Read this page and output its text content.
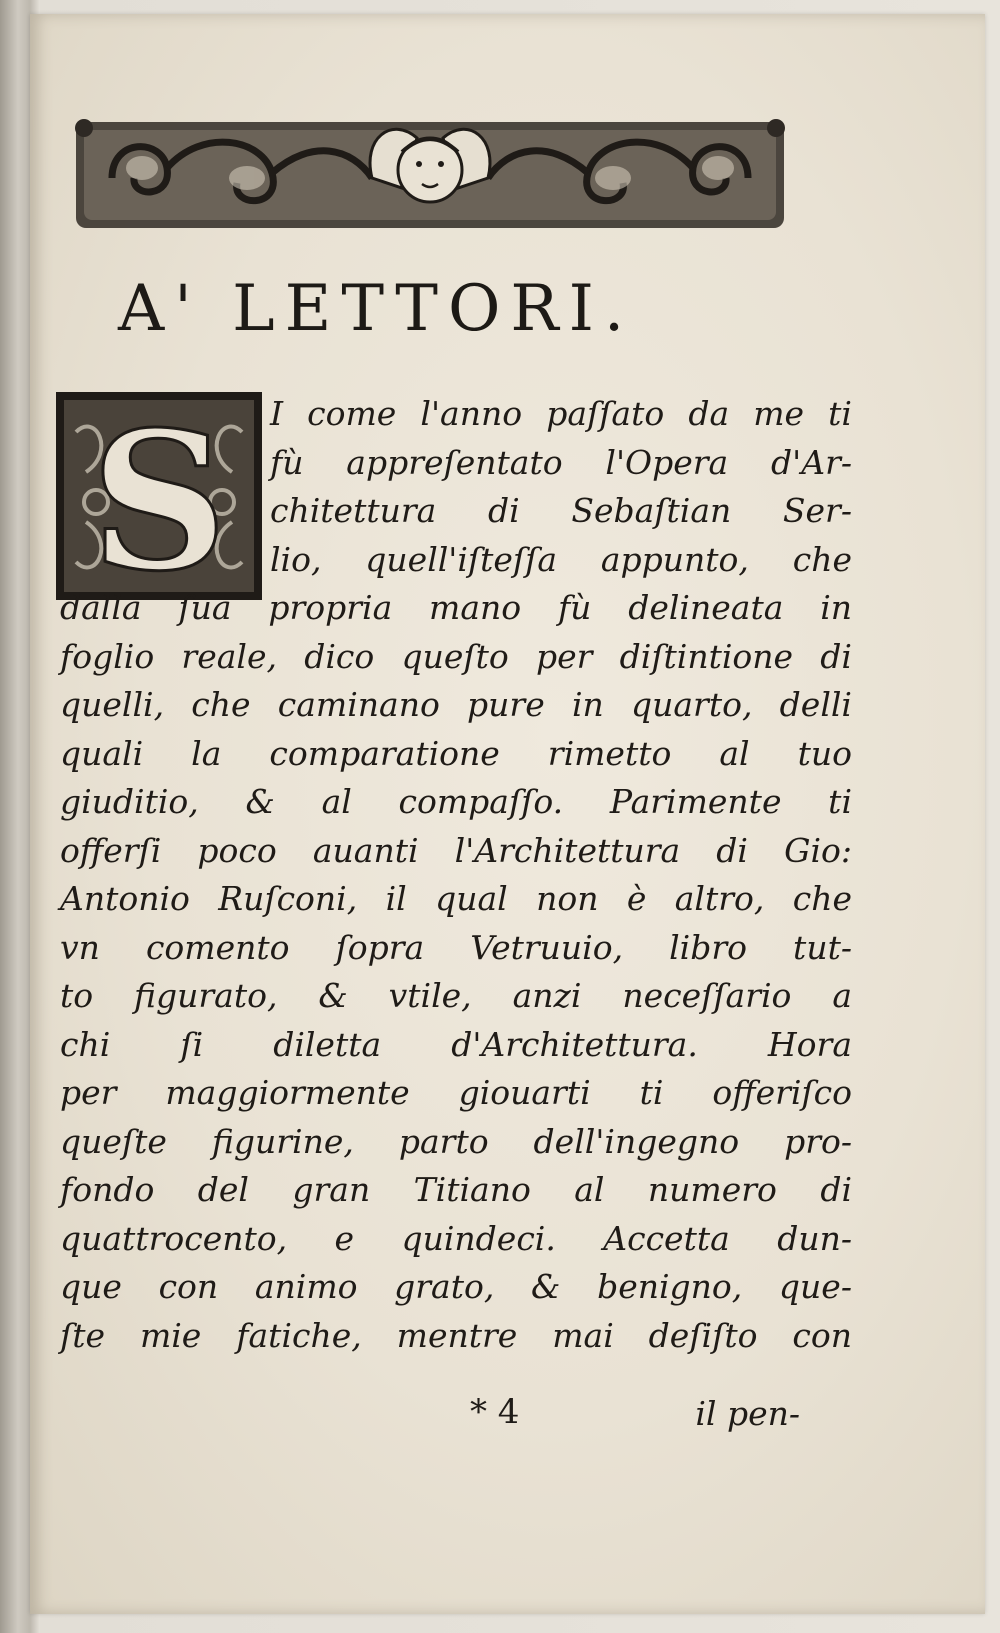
A' LETTORI.
S	I come l'anno paſſato da me ti
fù appreſentato l'Opera d'Ar-
chitettura di Sebaſtian Ser-
lio, quell'iſteſſa appunto, che
dalla ſua propria mano fù delineata in
foglio reale, dico queſto per diſtintione di
quelli, che caminano pure in quarto, delli
quali la comparatione rimetto al tuo
giuditio, & al compaſſo. Parimente ti
offerſi poco auanti l'Architettura di Gio:
Antonio Ruſconi, il qual non è altro, che
vn comento ſopra Vetruuio, libro tut-
to figurato, & vtile, anzi neceſſario a
chi ſi diletta d'Architettura. Hora
per maggiormente giouarti ti offeriſco
queſte figurine, parto dell'ingegno pro-
fondo del gran Titiano al numero di
quattrocento, e quindeci. Accetta dun-
que con animo grato, & benigno, que-
ſte mie fatiche, mentre mai deſiſto con
* 4	il pen-
